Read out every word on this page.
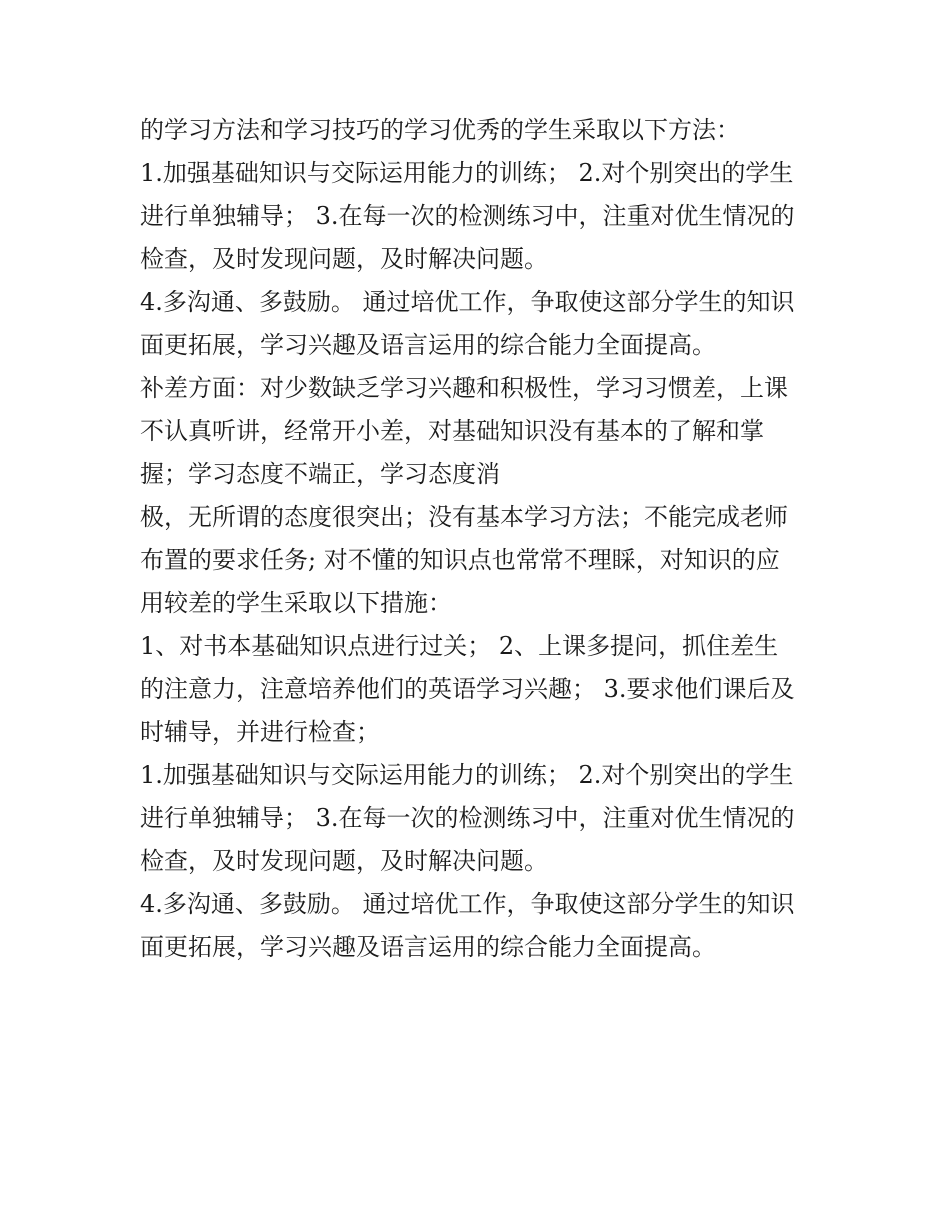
的学习方法和学习技巧的学习优秀的学生采取以下方法：

1.加强基础知识与交际运用能力的训练； 2.对个别突出的学生

进行单独辅导； 3.在每一次的检测练习中，注重对优生情况的

检查，及时发现问题，及时解决问题。

4.多沟通、多鼓励。 通过培优工作，争取使这部分学生的知识

面更拓展，学习兴趣及语言运用的综合能力全面提高。

补差方面：对少数缺乏学习兴趣和积极性，学习习惯差，上课

不认真听讲，经常开小差，对基础知识没有基本的了解和掌

握；学习态度不端正，学习态度消

极，无所谓的态度很突出；没有基本学习方法；不能完成老师

布置的要求任务; 对不懂的知识点也常常不理睬，对知识的应

用较差的学生采取以下措施：

1、对书本基础知识点进行过关； 2、上课多提问，抓住差生

的注意力，注意培养他们的英语学习兴趣； 3.要求他们课后及

时辅导，并进行检查；

1.加强基础知识与交际运用能力的训练； 2.对个别突出的学生

进行单独辅导； 3.在每一次的检测练习中，注重对优生情况的

检查，及时发现问题，及时解决问题。

4.多沟通、多鼓励。 通过培优工作，争取使这部分学生的知识

面更拓展，学习兴趣及语言运用的综合能力全面提高。
